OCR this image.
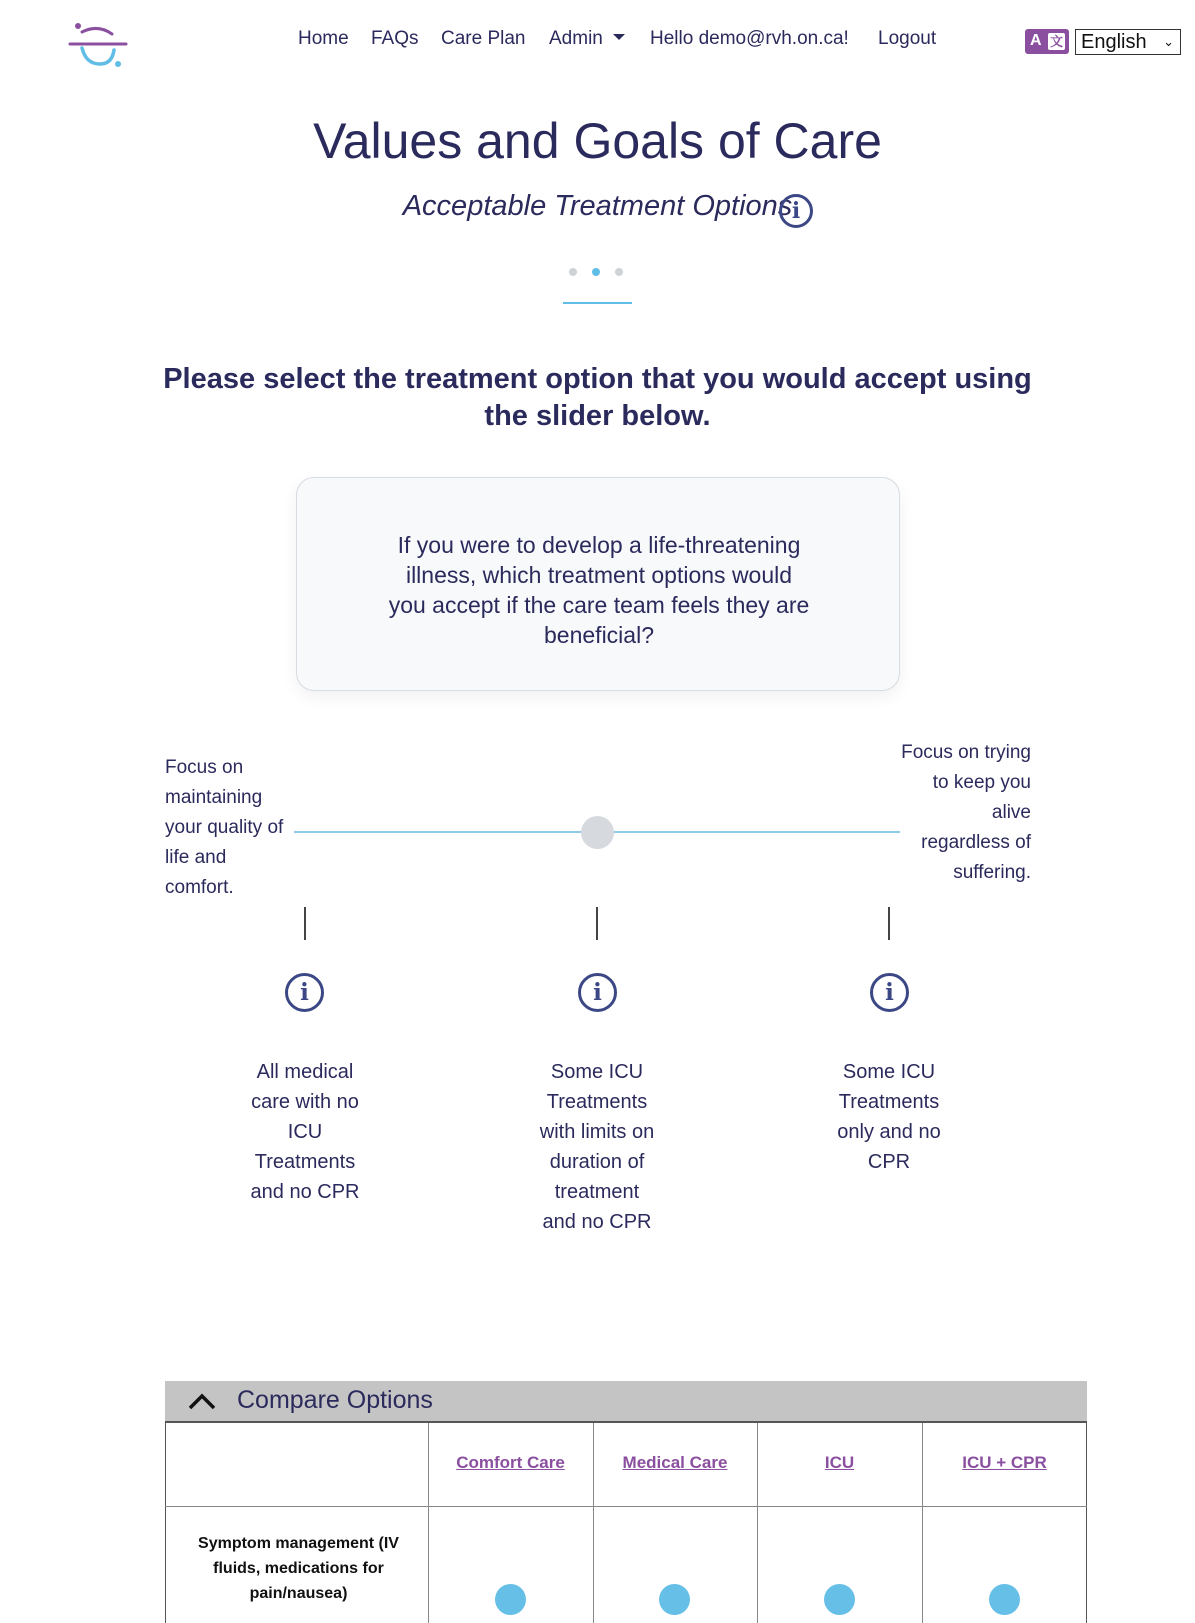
Home FAQs Care Plan Admin	Hello demo@rvh.on.ca! Logout	A 文 English ⌄
Values and Goals of Care
Acceptable Treatment Options i
Please select the treatment option that you would accept using the slider below.
If you were to develop a life-threatening illness, which treatment options would you accept if the care team feels they are beneficial?
Focus on maintaining your quality of life and comfort.
Focus on trying to keep you alive regardless of suffering.
i	i	i
All medical care with no ICU Treatments and no CPR
Some ICU Treatments with limits on duration of treatment and no CPR
Some ICU Treatments only and no CPR
Compare Options
Comfort Care	Medical Care	ICU	ICU + CPR
Symptom management (IV fluids, medications for pain/nausea)
